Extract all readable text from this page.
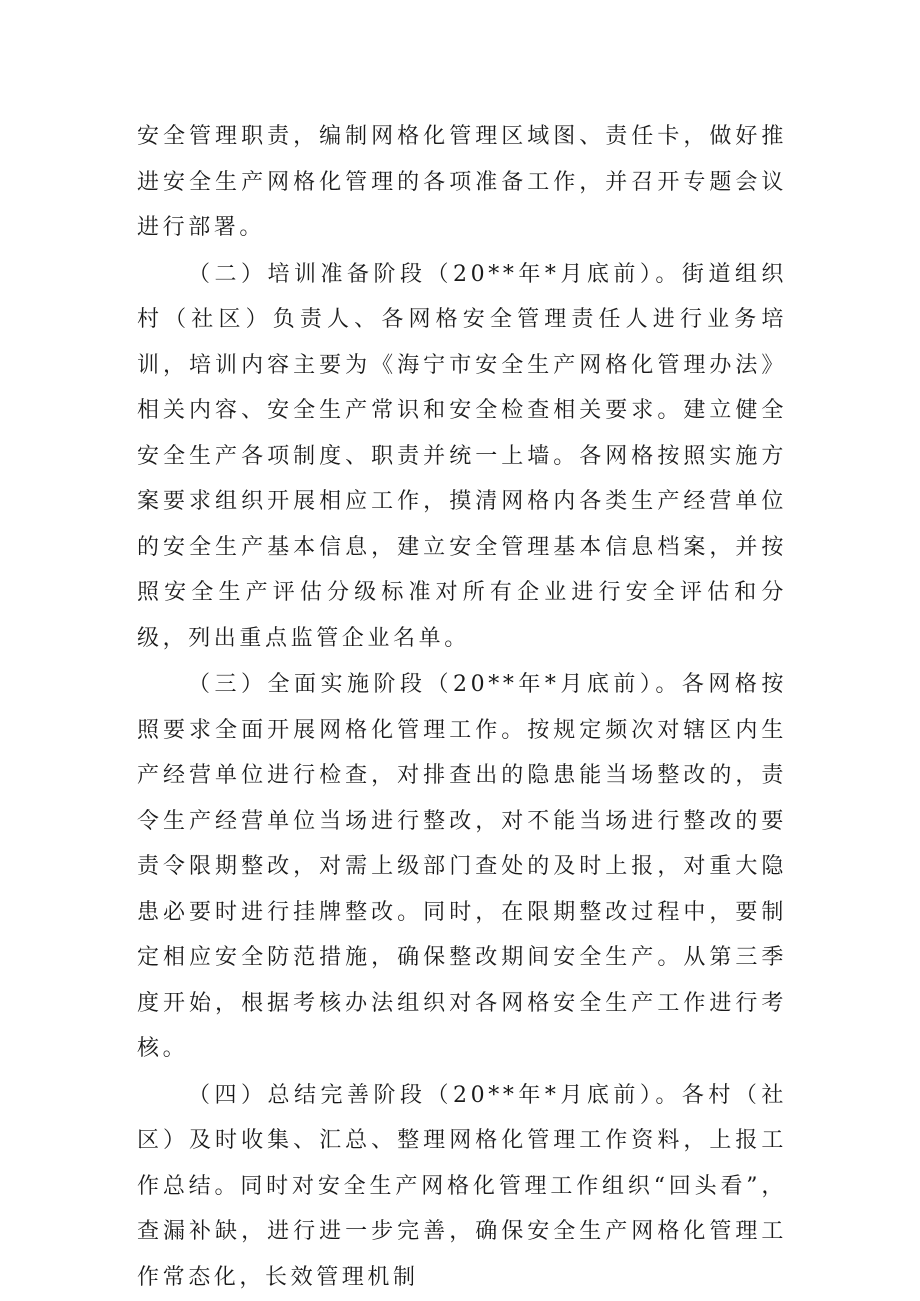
安全管理职责，编制网格化管理区域图、责任卡，做好推进安全生产网格化管理的各项准备工作，并召开专题会议进行部署。

（二）培训准备阶段（20**年*月底前）。街道组织村（社区）负责人、各网格安全管理责任人进行业务培训，培训内容主要为《海宁市安全生产网格化管理办法》相关内容、安全生产常识和安全检查相关要求。建立健全安全生产各项制度、职责并统一上墙。各网格按照实施方案要求组织开展相应工作，摸清网格内各类生产经营单位的安全生产基本信息，建立安全管理基本信息档案，并按照安全生产评估分级标准对所有企业进行安全评估和分级，列出重点监管企业名单。

（三）全面实施阶段（20**年*月底前）。各网格按照要求全面开展网格化管理工作。按规定频次对辖区内生产经营单位进行检查，对排查出的隐患能当场整改的，责令生产经营单位当场进行整改，对不能当场进行整改的要责令限期整改，对需上级部门查处的及时上报，对重大隐患必要时进行挂牌整改。同时，在限期整改过程中，要制定相应安全防范措施，确保整改期间安全生产。从第三季度开始，根据考核办法组织对各网格安全生产工作进行考核。

（四）总结完善阶段（20**年*月底前）。各村（社区）及时收集、汇总、整理网格化管理工作资料，上报工作总结。同时对安全生产网格化管理工作组织“回头看”，查漏补缺，进行进一步完善，确保安全生产网格化管理工作常态化，长效管理机制
